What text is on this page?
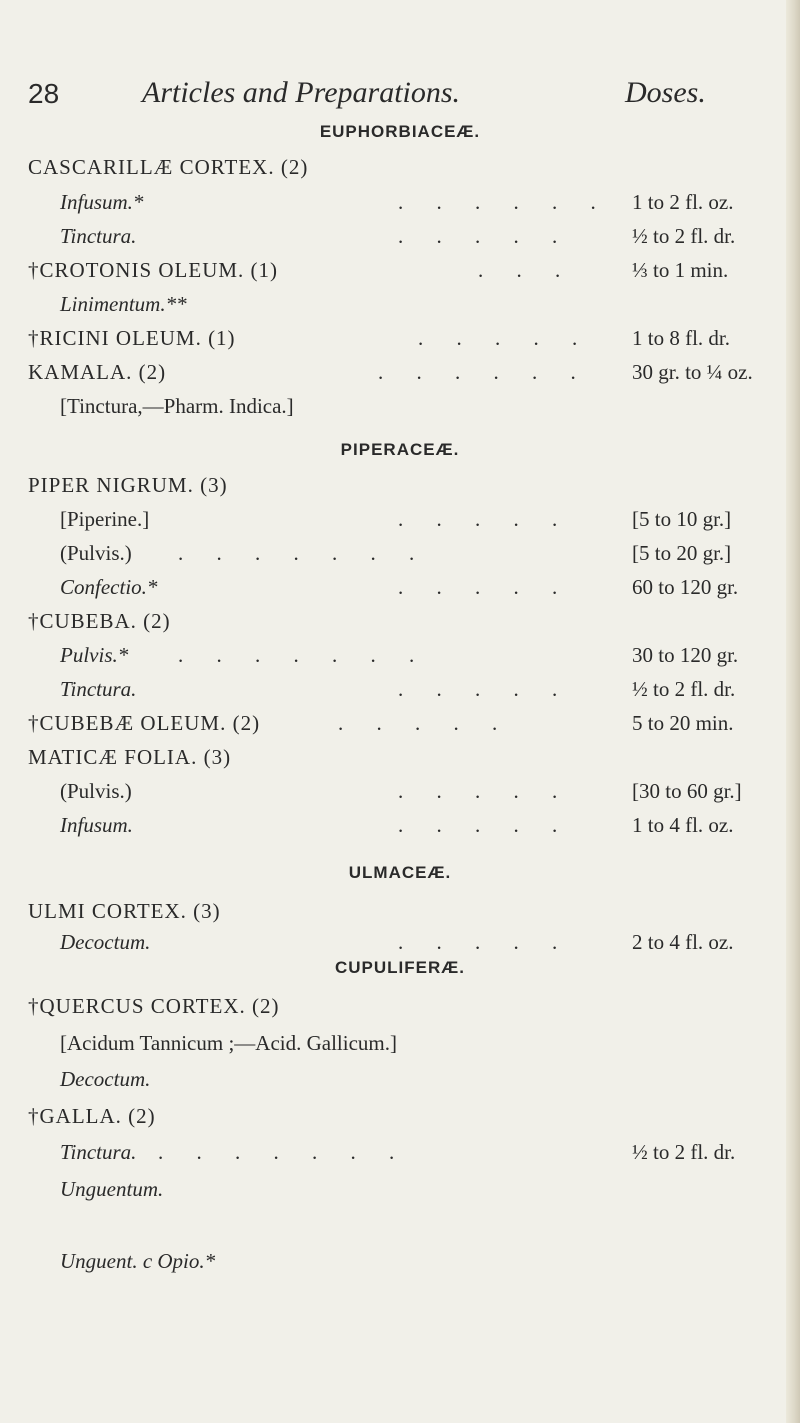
28	Articles and Preparations.	Doses.
EUPHORBIACEÆ.
CASCARILLÆ CORTEX. (2)
Infusum.*	. . . . . . 1 to 2 fl. oz.
Tinctura.	. . . . .	½ to 2 fl. dr.
†CROTONIS OLEUM. (1)	. . .	⅓ to 1 min.
Linimentum.**
†RICINI OLEUM. (1)	. . . . . 1 to 8 fl. dr.
KAMALA. (2)	. . . . . . 30 gr. to ¼ oz.
[Tinctura,—Pharm. Indica.]
PIPERACEÆ.
PIPER NIGRUM. (3)
[Piperine.]	. . . . .	[5 to 10 gr.]
(Pulvis.) . . . . . . .	[5 to 20 gr.]
Confectio.*	. . . . .	60 to 120 gr.
†CUBEBA. (2)
Pulvis.* . . . . . . .	30 to 120 gr.
Tinctura.	. . . . .	½ to 2 fl. dr.
†CUBEBÆ OLEUM. (2)	. . . . .	5 to 20 min.
MATICÆ FOLIA. (3)
(Pulvis.)	. . . . .	[30 to 60 gr.]
Infusum.	. . . . .	1 to 4 fl. oz.
ULMACEÆ.
ULMI CORTEX. (3)
Decoctum.	. . . . .	2 to 4 fl. oz.
CUPULIFERÆ.
†QUERCUS CORTEX. (2)
[Acidum Tannicum ;—Acid. Gallicum.]
Decoctum.
†GALLA. (2)
Tinctura. . . . . . . .	½ to 2 fl. dr.
Unguentum.
Unguent. c Opio.*
